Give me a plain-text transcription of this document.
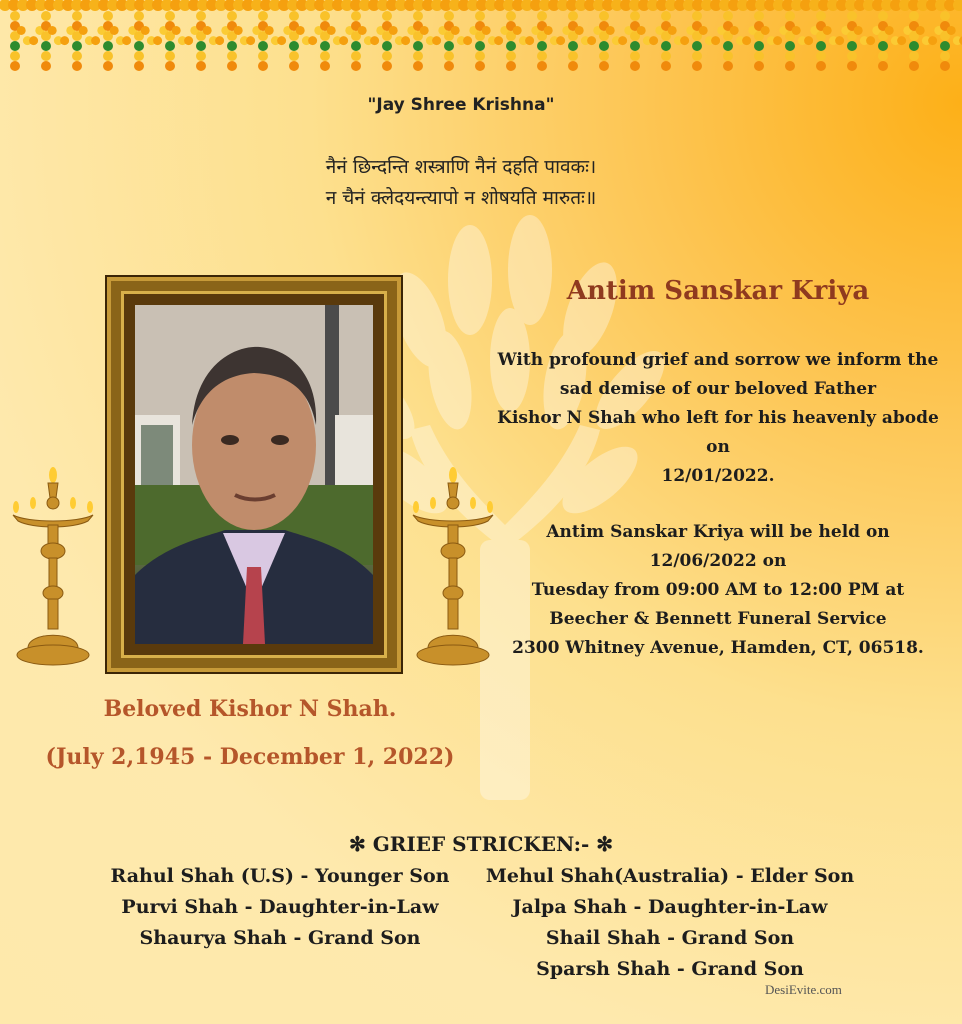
"Jay Shree Krishna"
नैनं छिन्दन्ति शस्त्राणि नैनं दहति पावकः।
न चैनं क्लेदयन्त्यापो न शोषयति मारुतः॥
Antim Sanskar Kriya
With profound grief and sorrow we inform the
sad demise of our beloved Father
Kishor N Shah who left for his heavenly abode
on
12/01/2022.
Antim Sanskar Kriya will be held on
12/06/2022 on
Tuesday from 09:00 AM to 12:00 PM at
Beecher & Bennett Funeral Service
2300 Whitney Avenue, Hamden, CT, 06518.
Beloved Kishor N Shah.
(July 2,1945 - December 1, 2022)
✻ GRIEF STRICKEN:- ✻
Rahul Shah (U.S) - Younger Son
Purvi Shah - Daughter-in-Law
Shaurya Shah - Grand Son
Mehul Shah(Australia) - Elder Son
Jalpa Shah - Daughter-in-Law
Shail Shah - Grand Son
Sparsh Shah - Grand Son
DesiEvite.com
